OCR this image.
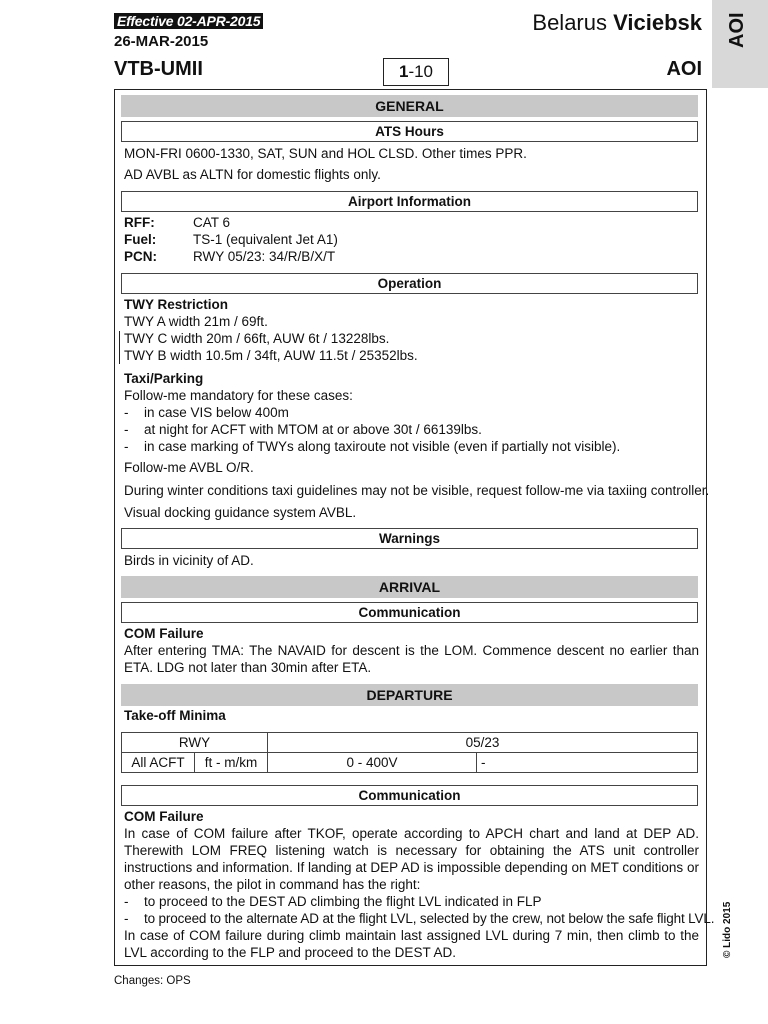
Effective 02-APR-2015
26-MAR-2015
VTB-UMII
Belarus Viciebsk
1-10	AOI
AOI
GENERAL
ATS Hours
MON-FRI 0600-1330, SAT, SUN and HOL CLSD. Other times PPR.
AD AVBL as ALTN for domestic flights only.
Airport Information
RFF:	CAT 6
Fuel:	TS-1 (equivalent Jet A1)
PCN:	RWY 05/23: 34/R/B/X/T
Operation
TWY Restriction
TWY A width 21m / 69ft.
TWY C width 20m / 66ft, AUW 6t / 13228lbs.
TWY B width 10.5m / 34ft, AUW 11.5t / 25352lbs.
Taxi/Parking
Follow-me mandatory for these cases:
-	in case VIS below 400m
-	at night for ACFT with MTOM at or above 30t / 66139lbs.
-	in case marking of TWYs along taxiroute not visible (even if partially not visible).
Follow-me AVBL O/R.
During winter conditions taxi guidelines may not be visible, request follow-me via taxiing controller.
Visual docking guidance system AVBL.
Warnings
Birds in vicinity of AD.
ARRIVAL
Communication
COM Failure
After entering TMA: The NAVAID for descent is the LOM. Commence descent no earlier than ETA. LDG not later than 30min after ETA.
DEPARTURE
Take-off Minima
RWY		05/23	
All ACFT	ft - m/km	0 - 400V	-
Communication
COM Failure
In case of COM failure after TKOF, operate according to APCH chart and land at DEP AD. Therewith LOM FREQ listening watch is necessary for obtaining the ATS unit controller instructions and information. If landing at DEP AD is impossible depending on MET conditions or other reasons, the pilot in command has the right:
-	to proceed to the DEST AD climbing the flight LVL indicated in FLP
-	to proceed to the alternate AD at the flight LVL, selected by the crew, not below the safe flight LVL.
In case of COM failure during climb maintain last assigned LVL during 7 min, then climb to the LVL according to the FLP and proceed to the DEST AD.
Changes: OPS
© Lido 2015
